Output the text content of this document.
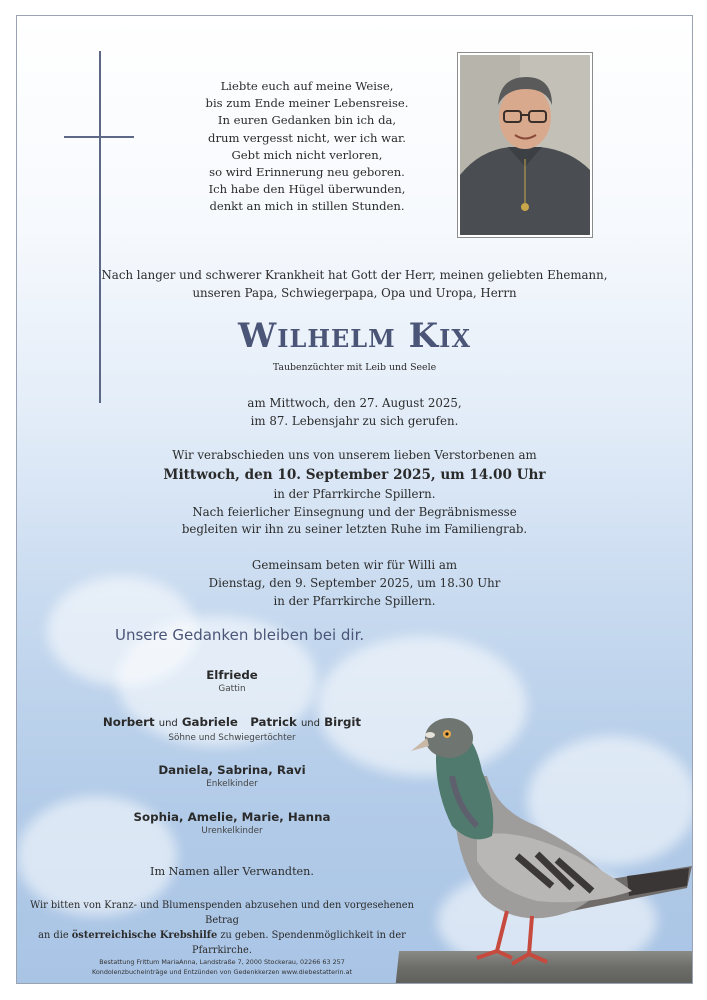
Liebte euch auf meine Weise,
bis zum Ende meiner Lebensreise.
In euren Gedanken bin ich da,
drum vergesst nicht, wer ich war.
Gebt mich nicht verloren,
so wird Erinnerung neu geboren.
Ich habe den Hügel überwunden,
denkt an mich in stillen Stunden.
Nach langer und schwerer Krankheit hat Gott der Herr, meinen geliebten Ehemann,
unseren Papa, Schwiegerpapa, Opa und Uropa, Herrn
Wilhelm Kix
Taubenzüchter mit Leib und Seele
am Mittwoch, den 27. August 2025,
im 87. Lebensjahr zu sich gerufen.
Wir verabschieden uns von unserem lieben Verstorbenen am
Mittwoch, den 10. September 2025, um 14.00 Uhr
in der Pfarrkirche Spillern.
Nach feierlicher Einsegnung und der Begräbnismesse
begleiten wir ihn zu seiner letzten Ruhe im Familiengrab.
Gemeinsam beten wir für Willi am
Dienstag, den 9. September 2025, um 18.30 Uhr
in der Pfarrkirche Spillern.
Unsere Gedanken bleiben bei dir.
Elfriede
Gattin
Norbert und Gabriele Patrick und Birgit
Söhne und Schwiegertöchter
Daniela, Sabrina, Ravi
Enkelkinder
Sophia, Amelie, Marie, Hanna
Urenkelkinder
Im Namen aller Verwandten.
Wir bitten von Kranz- und Blumenspenden abzusehen und den vorgesehenen Betrag
an die österreichische Krebshilfe zu geben. Spendenmöglichkeit in der Pfarrkirche.
Bestattung Frittum MariaAnna, Landstraße 7, 2000 Stockerau, 02266 63 257
Kondolenzbucheinträge und Entzünden von Gedenkkerzen www.diebestatterin.at
